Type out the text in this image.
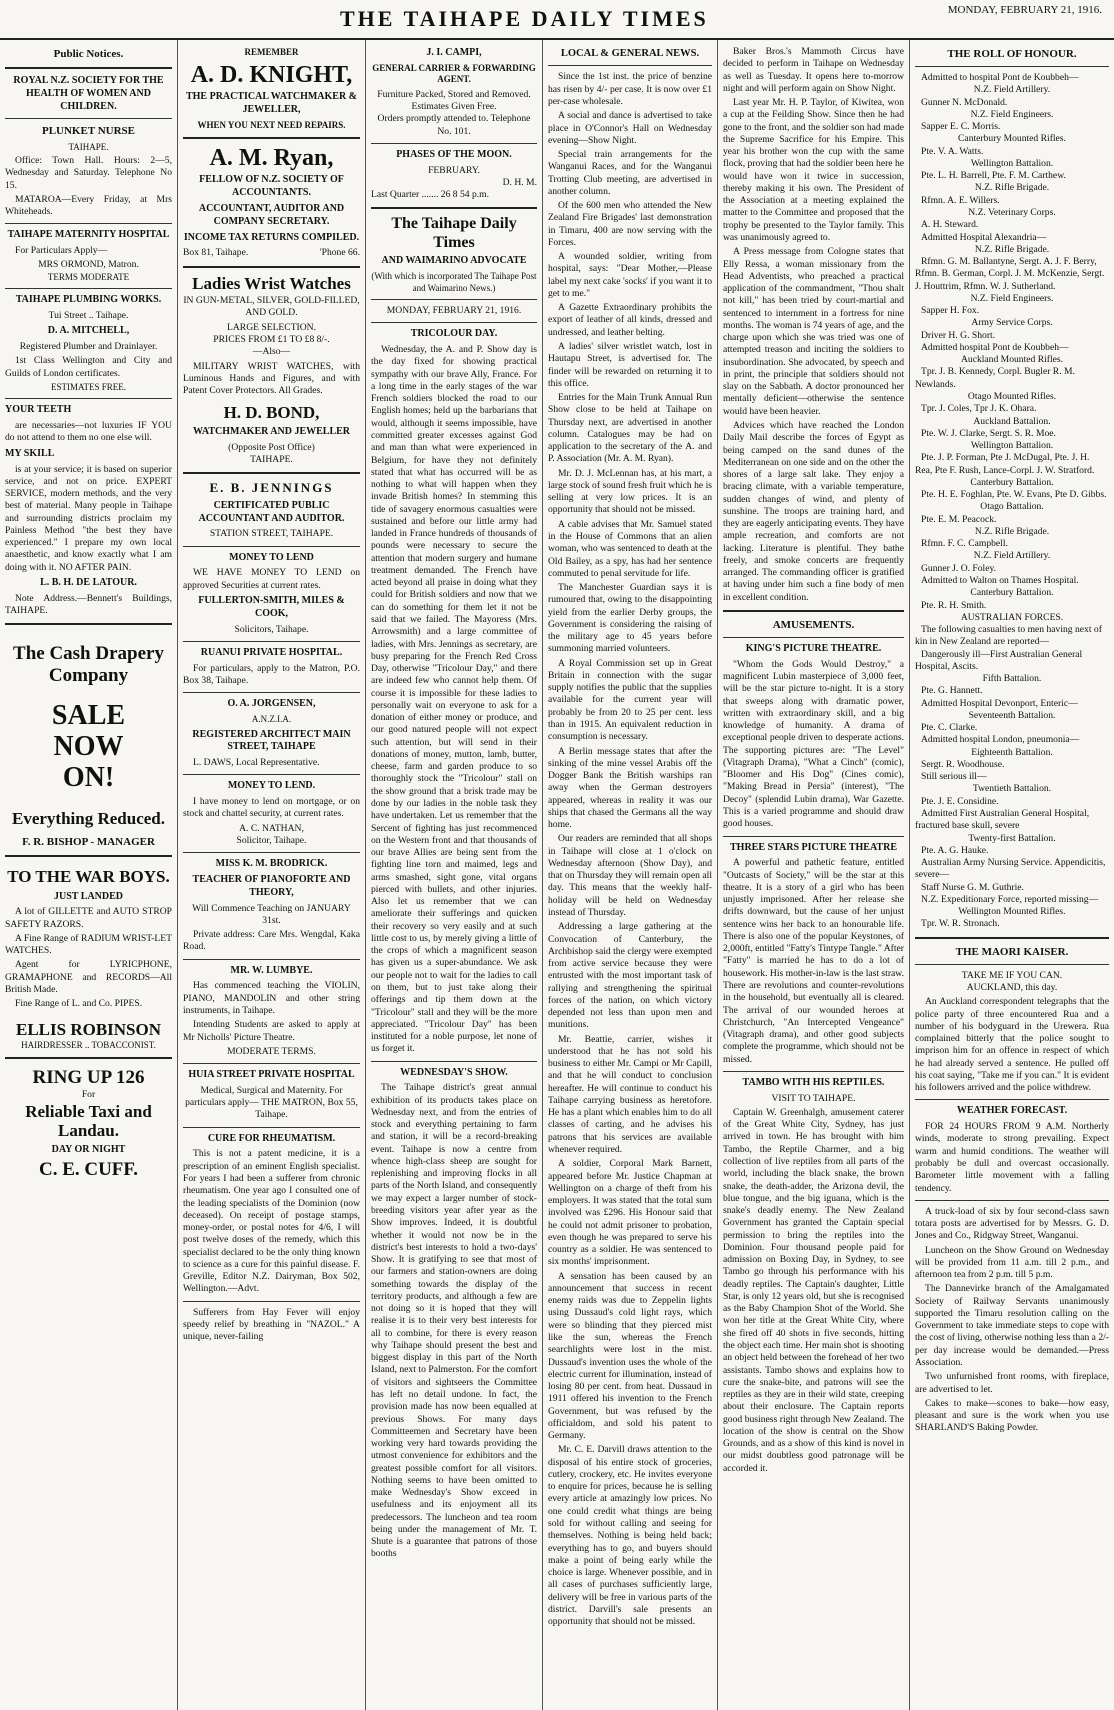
THE TAIHAPE DAILY TIMES	MONDAY, FEBRUARY 21, 1916.
Public Notices.
ROYAL N.Z. SOCIETY FOR THE HEALTH OF WOMEN AND CHILDREN.
PLUNKET NURSE
TAIHAPE.

Office: Town Hall. Hours: 2—5, Wednesday and Saturday. Telephone No 15.

MATAROA—Every Friday, at Mrs Whiteheads.

TAIHAPE MATERNITY HOSPITAL

For Particulars Apply—

MRS ORMOND, Matron.
TERMS MODERATE
TAIHAPE PLUMBING WORKS.
Tui Street .. Taihape.
D. A. MITCHELL,
Registered Plumber and Drainlayer.

1st Class Wellington and City and Guilds of London certificates.

ESTIMATES FREE.
YOUR TEETH

are necessaries—not luxuries IF YOU do not attend to them no one else will.

MY SKILL

is at your service; it is based on superior service, and not on price. EXPERT SERVICE, modern methods, and the very best of material. Many people in Taihape and surrounding districts proclaim my Painless Method "the best they have experienced." I prepare my own local anaesthetic, and know exactly what I am doing with it. NO AFTER PAIN.

L. B. H. DE LATOUR.

Note Address.—Bennett's Buildings, TAIHAPE.

The Cash Drapery Company
SALE
NOW
ON!
Everything Reduced.
F. R. BISHOP - MANAGER
TO THE WAR BOYS.
JUST LANDED

A lot of GILLETTE and AUTO STROP SAFETY RAZORS.

A Fine Range of RADIUM WRIST-LET WATCHES.

Agent for LYRICPHONE, GRAMAPHONE and RECORDS—All British Made.

Fine Range of L. and Co. PIPES.

ELLIS ROBINSON
HAIRDRESSER .. TOBACCONIST.
RING UP 126
For
Reliable Taxi and Landau.
DAY OR NIGHT
C. E. CUFF.
REMEMBER
A. D. KNIGHT,
THE PRACTICAL WATCHMAKER & JEWELLER,
WHEN YOU NEXT NEED REPAIRS.
A. M. Ryan,
FELLOW OF N.Z. SOCIETY OF ACCOUNTANTS.
ACCOUNTANT, AUDITOR AND COMPANY SECRETARY.
INCOME TAX RETURNS COMPILED.
Box 81, Taihape.	'Phone 66.
Ladies Wrist Watches

IN GUN-METAL, SILVER, GOLD-FILLED, AND GOLD.

LARGE SELECTION.
PRICES FROM £1 TO £8 8/-.
—Also—

MILITARY WRIST WATCHES, with Luminous Hands and Figures, and with Patent Cover Protectors. All Grades.

H. D. BOND,
WATCHMAKER AND JEWELLER
(Opposite Post Office)
TAIHAPE.
E. B. JENNINGS
CERTIFICATED PUBLIC ACCOUNTANT AND AUDITOR.
STATION STREET, TAIHAPE.
MONEY TO LEND

WE HAVE MONEY TO LEND on approved Securities at current rates.

FULLERTON-SMITH, MILES & COOK,
Solicitors, Taihape.
RUANUI PRIVATE HOSPITAL.

For particulars, apply to the Matron, P.O. Box 38, Taihape.

O. A. JORGENSEN,
A.N.Z.I.A.
REGISTERED ARCHITECT MAIN STREET, TAIHAPE

L. DAWS, Local Representative.

MONEY TO LEND.

I have money to lend on mortgage, or on stock and chattel security, at current rates.

A. C. NATHAN,
Solicitor, Taihape.
MISS K. M. BRODRICK.
TEACHER OF PIANOFORTE AND THEORY,
Will Commence Teaching on JANUARY 31st.

Private address: Care Mrs. Wengdal, Kaka Road.

MR. W. LUMBYE.

Has commenced teaching the VIOLIN, PIANO, MANDOLIN and other string instruments, in Taihape.

Intending Students are asked to apply at Mr Nicholls' Picture Theatre.

MODERATE TERMS.
HUIA STREET PRIVATE HOSPITAL

Medical, Surgical and Maternity. For particulars apply— THE MATRON, Box 55, Taihape.

CURE FOR RHEUMATISM.

This is not a patent medicine, it is a prescription of an eminent English specialist. For years I had been a sufferer from chronic rheumatism. One year ago I consulted one of the leading specialists of the Dominion (now deceased). On receipt of postage stamps, money-order, or postal notes for 4/6, I will post twelve doses of the remedy, which this specialist declared to be the only thing known to science as a cure for this painful disease. F. Greville, Editor N.Z. Dairyman, Box 502, Wellington.—Advt.

Sufferers from Hay Fever will enjoy speedy relief by breathing in "NAZOL." A unique, never-failing

J. I. CAMPI,
GENERAL CARRIER & FORWARDING AGENT.
Furniture Packed, Stored and Removed.
Estimates Given Free.
Orders promptly attended to. Telephone No. 101.
PHASES OF THE MOON.
FEBRUARY.
D. H. M.
Last Quarter ....... 26 8 54 p.m.
The Taihape Daily Times
AND WAIMARINO ADVOCATE
(With which is incorporated The Taihape Post and Waimarino News.)
MONDAY, FEBRUARY 21, 1916.
TRICOLOUR DAY.

Wednesday, the A. and P. Show day is the day fixed for showing practical sympathy with our brave Ally, France. For a long time in the early stages of the war French soldiers blocked the road to our English homes; held up the barbarians that would, although it seems impossible, have committed greater excesses against God and man than what were experienced in Belgium, for have they not definitely stated that what has occurred will be as nothing to what will happen when they invade British homes? In stemming this tide of savagery enormous casualties were sustained and before our little army had landed in France hundreds of thousands of pounds were necessary to secure the attention that modern surgery and humane treatment demanded. The French have acted beyond all praise in doing what they could for British soldiers and now that we can do something for them let it not be said that we failed. The Mayoress (Mrs. Arrowsmith) and a large committee of ladies, with Mrs. Jennings as secretary, are busy preparing for the French Red Cross Day, otherwise "Tricolour Day," and there are indeed few who cannot help them. Of course it is impossible for these ladies to personally wait on everyone to ask for a donation of either money or produce, and our good natured people will not expect such attention, but will send in their donations of money, mutton, lamb, butter, cheese, farm and garden produce to so thoroughly stock the "Tricolour" stall on the show ground that a brisk trade may be done by our ladies in the noble task they have undertaken. Let us remember that the Sercent of fighting has just recommenced on the Western front and that thousands of our brave Allies are being sent from the fighting line torn and maimed, legs and arms smashed, sight gone, vital organs pierced with bullets, and other injuries. Also let us remember that we can ameliorate their sufferings and quicken their recovery so very easily and at such little cost to us, by merely giving a little of the crops of which a magnificent season has given us a super-abundance. We ask our people not to wait for the ladies to call on them, but to just take along their offerings and tip them down at the "Tricolour" stall and they will be the more appreciated. "Tricolour Day" has been instituted for a noble purpose, let none of us forget it.

WEDNESDAY'S SHOW.

The Taihape district's great annual exhibition of its products takes place on Wednesday next, and from the entries of stock and everything pertaining to farm and station, it will be a record-breaking event. Taihape is now a centre from whence high-class sheep are sought for replenishing and improving flocks in all parts of the North Island, and consequently we may expect a larger number of stock-breeding visitors year after year as the Show improves. Indeed, it is doubtful whether it would not now be in the district's best interests to hold a two-days' Show. It is gratifying to see that most of our farmers and station-owners are doing something towards the display of the territory products, and although a few are not doing so it is hoped that they will realise it is to their very best interests for all to combine, for there is every reason why Taihape should present the best and biggest display in this part of the North Island, next to Palmerston. For the comfort of visitors and sightseers the Committee has left no detail undone. In fact, the provision made has now been equalled at previous Shows. For many days Committeemen and Secretary have been working very hard towards providing the utmost convenience for exhibitors and the greatest possible comfort for all visitors. Nothing seems to have been omitted to make Wednesday's Show exceed in usefulness and its enjoyment all its predecessors. The luncheon and tea room being under the management of Mr. T. Shute is a guarantee that patrons of those booths

LOCAL & GENERAL NEWS.

Since the 1st inst. the price of benzine has risen by 4/- per case. It is now over £1 per-case wholesale.

A social and dance is advertised to take place in O'Connor's Hall on Wednesday evening—Show Night.

Special train arrangements for the Wanganui Races, and for the Wanganui Trotting Club meeting, are advertised in another column.

Of the 600 men who attended the New Zealand Fire Brigades' last demonstration in Timaru, 400 are now serving with the Forces.

A wounded soldier, writing from hospital, says: "Dear Mother,—Please label my next cake 'socks' if you want it to get to me."

A Gazette Extraordinary prohibits the export of leather of all kinds, dressed and undressed, and leather belting.

A ladies' silver wristlet watch, lost in Hautapu Street, is advertised for. The finder will be rewarded on returning it to this office.

Entries for the Main Trunk Annual Run Show close to be held at Taihape on Thursday next, are advertised in another column. Catalogues may be had on application to the secretary of the A. and P. Association (Mr. A. M. Ryan).

Mr. D. J. McLennan has, at his mart, a large stock of sound fresh fruit which he is selling at very low prices. It is an opportunity that should not be missed.

A cable advises that Mr. Samuel stated in the House of Commons that an alien woman, who was sentenced to death at the Old Bailey, as a spy, has had her sentence commuted to penal servitude for life.

The Manchester Guardian says it is rumoured that, owing to the disappointing yield from the earlier Derby groups, the Government is considering the raising of the military age to 45 years before summoning married volunteers.

A Royal Commission set up in Great Britain in connection with the sugar supply notifies the public that the supplies available for the current year will probably be from 20 to 25 per cent. less than in 1915. An equivalent reduction in consumption is necessary.

A Berlin message states that after the sinking of the mine vessel Arabis off the Dogger Bank the British warships ran away when the German destroyers appeared, whereas in reality it was our ships that chased the Germans all the way home.

Our readers are reminded that all shops in Taihape will close at 1 o'clock on Wednesday afternoon (Show Day), and that on Thursday they will remain open all day. This means that the weekly half-holiday will be held on Wednesday instead of Thursday.

Addressing a large gathering at the Convocation of Canterbury, the Archbishop said the clergy were exempted from active service because they were entrusted with the most important task of rallying and strengthening the spiritual forces of the nation, on which victory depended not less than upon men and munitions.

Mr. Beattie, carrier, wishes it understood that he has not sold his business to either Mr. Campi or Mr Capill, and that he will conduct to conclusion hereafter. He will continue to conduct his Taihape carrying business as heretofore. He has a plant which enables him to do all classes of carting, and he advises his patrons that his services are available whenever required.

A soldier, Corporal Mark Barnett, appeared before Mr. Justice Chapman at Wellington on a charge of theft from his employers. It was stated that the total sum involved was £296. His Honour said that he could not admit prisoner to probation, even though he was prepared to serve his country as a soldier. He was sentenced to six months' imprisonment.

A sensation has been caused by an announcement that success in recent enemy raids was due to Zeppelin lights using Dussaud's cold light rays, which were so blinding that they pierced mist like the sun, whereas the French searchlights were lost in the mist. Dussaud's invention uses the whole of the electric current for illumination, instead of losing 80 per cent. from heat. Dussaud in 1911 offered his invention to the French Government, but was refused by the officialdom, and sold his patent to Germany.

Mr. C. E. Darvill draws attention to the disposal of his entire stock of groceries, cutlery, crockery, etc. He invites everyone to enquire for prices, because he is selling every article at amazingly low prices. No one could credit what things are being sold for without calling and seeing for themselves. Nothing is being held back; everything has to go, and buyers should make a point of being early while the choice is large. Whenever possible, and in all cases of purchases sufficiently large, delivery will be free in various parts of the district. Darvill's sale presents an opportunity that should not be missed.

Baker Bros.'s Mammoth Circus have decided to perform in Taihape on Wednesday as well as Tuesday. It opens here to-morrow night and will perform again on Show Night.

Last year Mr. H. P. Taylor, of Kiwitea, won a cup at the Feilding Show. Since then he had gone to the front, and the soldier son had made the Supreme Sacrifice for his Empire. This year his brother won the cup with the same flock, proving that had the soldier been here he would have won it twice in succession, thereby making it his own. The President of the Association at a meeting explained the matter to the Committee and proposed that the trophy be presented to the Taylor family. This was unanimously agreed to.

A Press message from Cologne states that Elly Ressa, a woman missionary from the Head Adventists, who preached a practical application of the commandment, "Thou shalt not kill," has been tried by court-martial and sentenced to internment in a fortress for nine months. The woman is 74 years of age, and the charge upon which she was tried was one of attempted treason and inciting the soldiers to insubordination. She advocated, by speech and in print, the principle that soldiers should not slay on the Sabbath. A doctor pronounced her mentally deficient—otherwise the sentence would have been heavier.

Advices which have reached the London Daily Mail describe the forces of Egypt as being camped on the sand dunes of the Mediterranean on one side and on the other the shores of a large salt lake. They enjoy a bracing climate, with a variable temperature, sudden changes of wind, and plenty of sunshine. The troops are training hard, and they are eagerly anticipating events. They have ample recreation, and comforts are not lacking. Literature is plentiful. They bathe freely, and smoke concerts are frequently arranged. The commanding officer is gratified at having under him such a fine body of men in excellent condition.

AMUSEMENTS.
KING'S PICTURE THEATRE.

"Whom the Gods Would Destroy," a magnificent Lubin masterpiece of 3,000 feet, will be the star picture to-night. It is a story that sweeps along with dramatic power, written with extraordinary skill, and a big knowledge of humanity. A drama of exceptional people driven to desperate actions. The supporting pictures are: "The Level" (Vitagraph Drama), "What a Cinch" (comic), "Bloomer and His Dog" (Cines comic), "Making Bread in Persia" (interest), "The Decoy" (splendid Lubin drama), War Gazette. This is a varied programme and should draw good houses.

THREE STARS PICTURE THEATRE

A powerful and pathetic feature, entitled "Outcasts of Society," will be the star at this theatre. It is a story of a girl who has been unjustly imprisoned. After her release she drifts downward, but the cause of her unjust sentence wins her back to an honourable life. There is also one of the popular Keystones, of 2,000ft, entitled "Fatty's Tintype Tangle." After "Fatty" is married he has to do a lot of housework. His mother-in-law is the last straw. There are revolutions and counter-revolutions in the household, but eventually all is cleared. The arrival of our wounded heroes at Christchurch, "An Intercepted Vengeance" (Vitagraph drama), and other good subjects complete the programme, which should not be missed.

TAMBO WITH HIS REPTILES.
VISIT TO TAIHAPE.

Captain W. Greenhalgh, amusement caterer of the Great White City, Sydney, has just arrived in town. He has brought with him Tambo, the Reptile Charmer, and a big collection of live reptiles from all parts of the world, including the black snake, the brown snake, the death-adder, the Arizona devil, the blue tongue, and the big iguana, which is the snake's deadly enemy. The New Zealand Government has granted the Captain special permission to bring the reptiles into the Dominion. Four thousand people paid for admission on Boxing Day, in Sydney, to see Tambo go through his performance with his deadly reptiles. The Captain's daughter, Little Star, is only 12 years old, but she is recognised as the Baby Champion Shot of the World. She won her title at the Great White City, where she fired off 40 shots in five seconds, hitting the object each time. Her main shot is shooting an object held between the forehead of her two assistants. Tambo shows and explains how to cure the snake-bite, and patrons will see the reptiles as they are in their wild state, creeping about their enclosure. The Captain reports good business right through New Zealand. The location of the show is central on the Show Grounds, and as a show of this kind is novel in our midst doubtless good patronage will be accorded it.

THE ROLL OF HONOUR.
Admitted to hospital Pont de Koubbeh—
N.Z. Field Artillery.
Gunner N. McDonald.
N.Z. Field Engineers.
Sapper E. C. Morris.
Canterbury Mounted Rifles.
Pte. V. A. Watts.
Wellington Battalion.
Pte. L. H. Barrell, Pte. F. M. Carthew.
N.Z. Rifle Brigade.
Rfmn. A. E. Willers.
N.Z. Veterinary Corps.
A. H. Steward.
Admitted Hospital Alexandria—
N.Z. Rifle Brigade.
Rfmn. G. M. Ballantyne, Sergt. A. J. F. Berry, Rfmn. B. German, Corpl. J. M. McKenzie, Sergt. J. Houttrim, Rfmn. W. J. Sutherland.
N.Z. Field Engineers.
Sapper H. Fox.
Army Service Corps.
Driver H. G. Short.
Admitted hospital Pont de Koubbeh—
Auckland Mounted Rifles.
Tpr. J. B. Kennedy, Corpl. Bugler R. M. Newlands.
Otago Mounted Rifles.
Tpr. J. Coles, Tpr J. K. Ohara.
Auckland Battalion.
Pte. W. J. Clarke, Sergt. S. R. Moe.
Wellington Battalion.
Pte. J. P. Forman, Pte J. McDugal, Pte. J. H. Rea, Pte F. Rush, Lance-Corpl. J. W. Stratford.
Canterbury Battalion.
Pte. H. E. Foghlan, Pte. W. Evans, Pte D. Gibbs.
Otago Battalion.
Pte. E. M. Peacock.
N.Z. Rifle Brigade.
Rfmn. F. C. Campbell.
N.Z. Field Artillery.
Gunner J. O. Foley.
Admitted to Walton on Thames Hospital.
Canterbury Battalion.
Pte. R. H. Smith.
AUSTRALIAN FORCES.
The following casualties to men having next of kin in New Zealand are reported—
Dangerously ill—First Australian General Hospital, Ascits.
Fifth Battalion.
Pte. G. Hannett.
Admitted Hospital Devonport, Enteric—
Seventeenth Battalion.
Pte. C. Clarke.
Admitted hospital London, pneumonia—
Eighteenth Battalion.
Sergt. R. Woodhouse.
Still serious ill—
Twentieth Battalion.
Pte. J. E. Considine.
Admitted First Australian General Hospital, fractured base skull, severe
Twenty-first Battalion.
Pte. A. G. Hauke.
Australian Army Nursing Service. Appendicitis, severe—
Staff Nurse G. M. Guthrie.
N.Z. Expeditionary Force, reported missing—
Wellington Mounted Rifles.
Tpr. W. R. Stronach.
THE MAORI KAISER.
TAKE ME IF YOU CAN.
AUCKLAND, this day.

An Auckland correspondent telegraphs that the police party of three encountered Rua and a number of his bodyguard in the Urewera. Rua complained bitterly that the police sought to imprison him for an offence in respect of which he had already served a sentence. He pulled off his coat saying, "Take me if you can." It is evident his followers arrived and the police withdrew.

WEATHER FORECAST.

FOR 24 HOURS FROM 9 A.M. Northerly winds, moderate to strong prevailing. Expect warm and humid conditions. The weather will probably be dull and overcast occasionally. Barometer little movement with a falling tendency.

A truck-load of six by four second-class sawn totara posts are advertised for by Messrs. G. D. Jones and Co., Ridgway Street, Wanganui.

Luncheon on the Show Ground on Wednesday will be provided from 11 a.m. till 2 p.m., and afternoon tea from 2 p.m. till 5 p.m.

The Dannevirke branch of the Amalgamated Society of Railway Servants unanimously supported the Timaru resolution calling on the Government to take immediate steps to cope with the cost of living, otherwise nothing less than a 2/- per day increase would be demanded.—Press Association.

Two unfurnished front rooms, with fireplace, are advertised to let.

Cakes to make—scones to bake—how easy, pleasant and sure is the work when you use SHARLAND'S Baking Powder.
